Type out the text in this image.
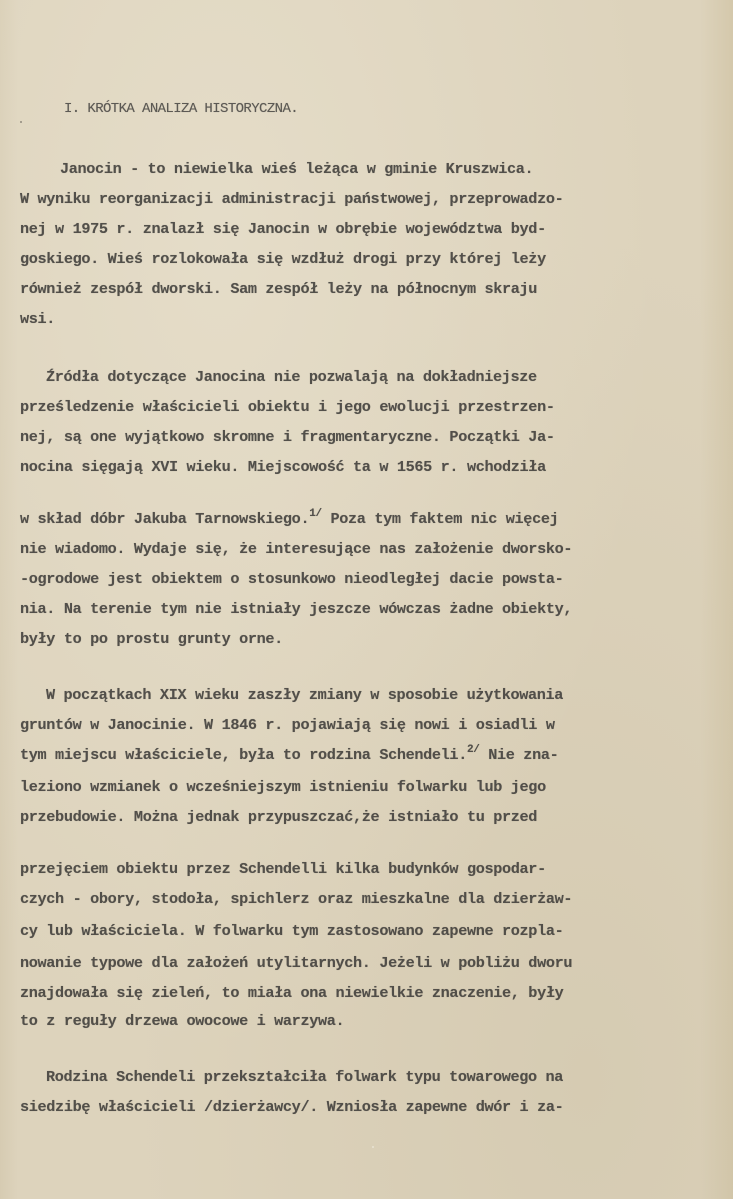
I. KRÓTKA ANALIZA HISTORYCZNA.
Janocin - to niewielka wieś leżąca w gminie Kruszwica.
W wyniku reorganizacji administracji państwowej, przeprowadzo-
nej w 1975 r. znalazł się Janocin w obrębie województwa byd-
goskiego. Wieś rozlokowała się wzdłuż drogi przy której leży
również zespół dworski. Sam zespół leży na północnym skraju
wsi.
Źródła dotyczące Janocina nie pozwalają na dokładniejsze
prześledzenie właścicieli obiektu i jego ewolucji przestrzen-
nej, są one wyjątkowo skromne i fragmentaryczne. Początki Ja-
nocina sięgają XVI wieku. Miejscowość ta w 1565 r. wchodziła
w skład dóbr Jakuba Tarnowskiego.$^{1/}$ Poza tym faktem nic więcej
nie wiadomo. Wydaje się, że interesujące nas założenie dworsko-
-ogrodowe jest obiektem o stosunkowo nieodległej dacie powsta-
nia. Na terenie tym nie istniały jeszcze wówczas żadne obiekty,
były to po prostu grunty orne.
W początkach XIX wieku zaszły zmiany w sposobie użytkowania
gruntów w Janocinie. W 1846 r. pojawiają się nowi i osiadli w
tym miejscu właściciele, była to rodzina Schendeli.$^{2/}$ Nie zna-
leziono wzmianek o wcześniejszym istnieniu folwarku lub jego
przebudowie. Można jednak przypuszczać,że istniało tu przed
przejęciem obiektu przez Schendelli kilka budynków gospodar-
czych - obory, stodoła, spichlerz oraz mieszkalne dla dzierżaw-
cy lub właściciela. W folwarku tym zastosowano zapewne rozpla-
nowanie typowe dla założeń utylitarnych. Jeżeli w pobliżu dworu
znajdowała się zieleń, to miała ona niewielkie znaczenie, były
to z reguły drzewa owocowe i warzywa.
Rodzina Schendeli przekształciła folwark typu towarowego na
siedzibę właścicieli /dzierżawcy/. Wzniosła zapewne dwór i za-
